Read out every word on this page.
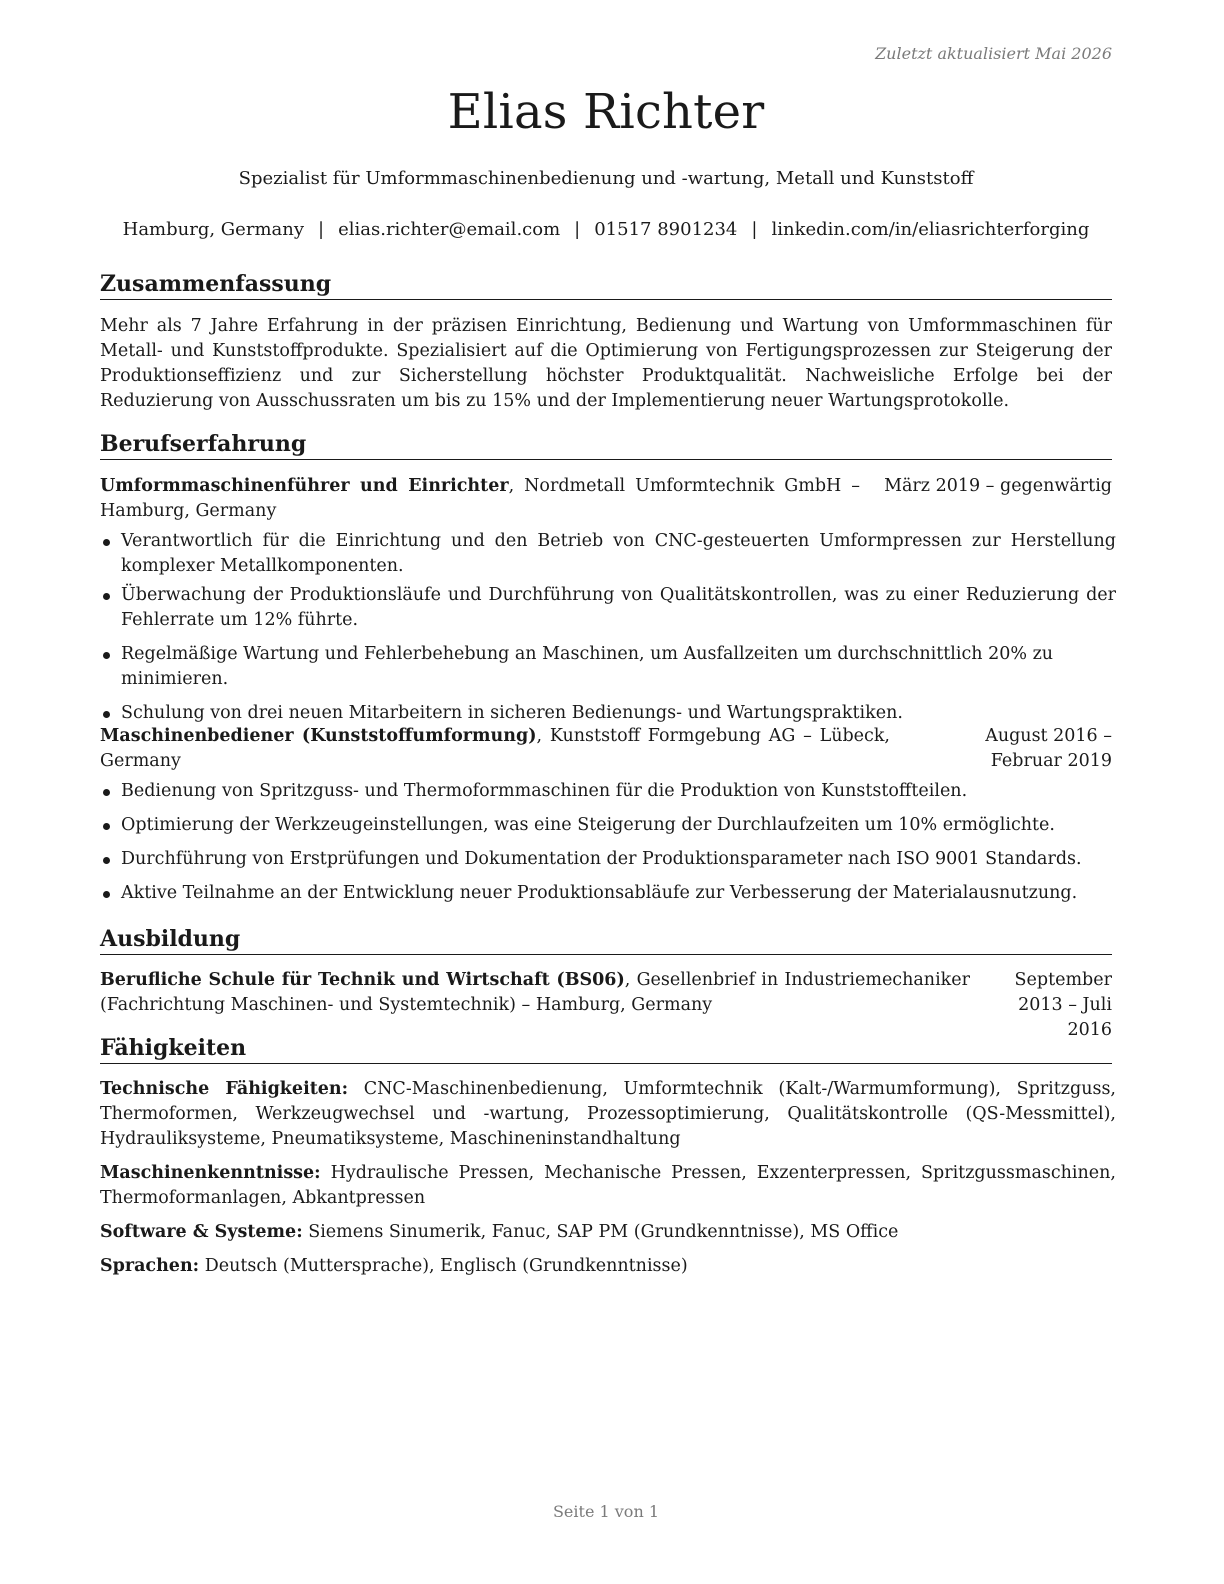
Zuletzt aktualisiert Mai 2026
Elias Richter
Spezialist für Umformmaschinenbedienung und -wartung, Metall und Kunststoff
Hamburg, Germany | elias.richter@email.com | 01517 8901234 | linkedin.com/in/eliasrichterforging
Zusammenfassung
Mehr als 7 Jahre Erfahrung in der präzisen Einrichtung, Bedienung und Wartung von Umformmaschinen für Metall- und Kunststoffprodukte. Spezialisiert auf die Optimierung von Fertigungsprozessen zur Steigerung der Produktionseffizienz und zur Sicherstellung höchster Produktqualität. Nachweisliche Erfolge bei der Reduzierung von Ausschussraten um bis zu 15% und der Implementierung neuer Wartungsprotokolle.
Berufserfahrung
Umformmaschinenführer und Einrichter, Nordmetall Umformtechnik GmbH – Hamburg, Germany
März 2019 – gegenwärtig
Verantwortlich für die Einrichtung und den Betrieb von CNC-gesteuerten Umformpressen zur Herstellung komplexer Metallkomponenten.
Überwachung der Produktionsläufe und Durchführung von Qualitätskontrollen, was zu einer Reduzierung der Fehlerrate um 12% führte.
Regelmäßige Wartung und Fehlerbehebung an Maschinen, um Ausfallzeiten um durchschnittlich 20% zu minimieren.
Schulung von drei neuen Mitarbeitern in sicheren Bedienungs- und Wartungspraktiken.
Maschinenbediener (Kunststoffumformung), Kunststoff Formgebung AG – Lübeck, Germany
August 2016 – Februar 2019
Bedienung von Spritzguss- und Thermoformmaschinen für die Produktion von Kunststoffteilen.
Optimierung der Werkzeugeinstellungen, was eine Steigerung der Durchlaufzeiten um 10% ermöglichte.
Durchführung von Erstprüfungen und Dokumentation der Produktionsparameter nach ISO 9001 Standards.
Aktive Teilnahme an der Entwicklung neuer Produktionsabläufe zur Verbesserung der Materialausnutzung.
Ausbildung
Berufliche Schule für Technik und Wirtschaft (BS06), Gesellenbrief in Industriemechaniker (Fachrichtung Maschinen- und Systemtechnik) – Hamburg, Germany
September 2013 – Juli 2016
Fähigkeiten
Technische Fähigkeiten: CNC-Maschinenbedienung, Umformtechnik (Kalt-/Warmumformung), Spritzguss, Thermoformen, Werkzeugwechsel und -wartung, Prozessoptimierung, Qualitätskontrolle (QS-Messmittel), Hydrauliksysteme, Pneumatiksysteme, Maschineninstandhaltung
Maschinenkenntnisse: Hydraulische Pressen, Mechanische Pressen, Exzenterpressen, Spritzgussmaschinen, Thermoformanlagen, Abkantpressen
Software & Systeme: Siemens Sinumerik, Fanuc, SAP PM (Grundkenntnisse), MS Office
Sprachen: Deutsch (Muttersprache), Englisch (Grundkenntnisse)
Seite 1 von 1
